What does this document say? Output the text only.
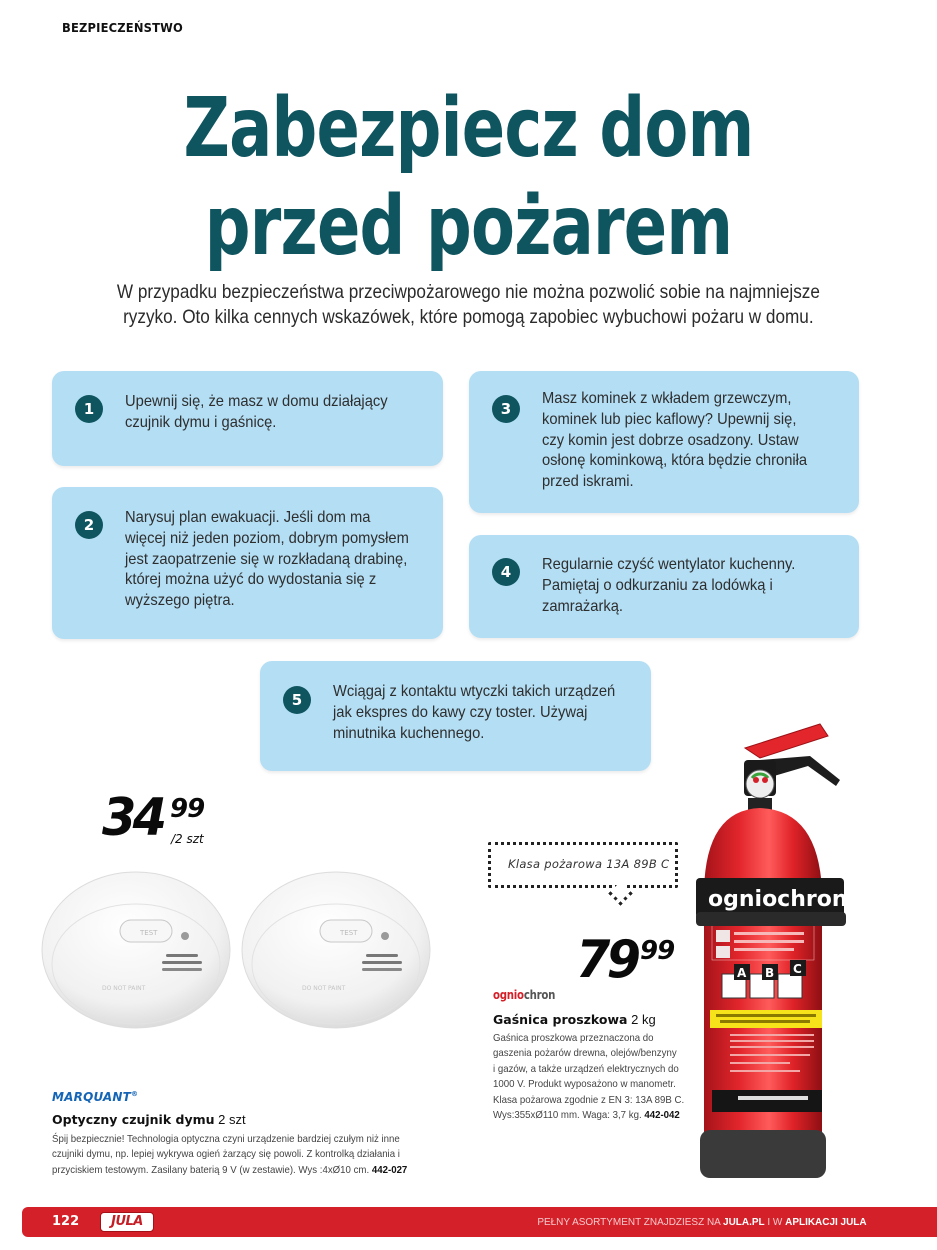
BEZPIECZEŃSTWO
Zabezpiecz dom
przed pożarem
W przypadku bezpieczeństwa przeciwpożarowego nie można pozwolić sobie na najmniejsze
ryzyko. Oto kilka cennych wskazówek, które pomogą zapobiec wybuchowi pożaru w domu.
1	Upewnij się, że masz w domu działający
czujnik dymu i gaśnicę.
2	Narysuj plan ewakuacji. Jeśli dom ma
więcej niż jeden poziom, dobrym pomysłem
jest zaopatrzenie się w rozkładaną drabinę,
której można użyć do wydostania się z
wyższego piętra.
3
Masz kominek z wkładem grzewczym,
kominek lub piec kaflowy? Upewnij się,
czy komin jest dobrze osadzony. Ustaw
osłonę kominkową, która będzie chroniła
przed iskrami.
4	Regularnie czyść wentylator kuchenny.
Pamiętaj o odkurzaniu za lodówką i
zamrażarką.
5	Wciągaj z kontaktu wtyczki takich urządzeń
jak ekspres do kawy czy toster. Używaj
minutnika kuchennego.
34 99
/2 szt
TEST
DO NOT PAINT
TEST
DO NOT PAINT
MARQUANT®
Optyczny czujnik dymu 2 szt
Śpij bezpiecznie! Technologia optyczna czyni urządzenie bardziej czułym niż inne
czujniki dymu, np. lepiej wykrywa ogień żarzący się powoli. Z kontrolką działania i
przyciskiem testowym. Zasilany baterią 9 V (w zestawie). Wys :4xØ10 cm. 442-027
Klasa pożarowa 13A 89B C
79 99
ogniochron
Gaśnica proszkowa 2 kg
Gaśnica proszkowa przeznaczona do
gaszenia pożarów drewna, olejów/benzyny
i gazów, a także urządzeń elektrycznych do
1000 V. Produkt wyposażono w manometr.
Klasa pożarowa zgodnie z EN 3: 13A 89B C.
Wys:355xØ110 mm. Waga: 3,7 kg. 442-042
ogniochron
A B C
122	JULA	PEŁNY ASORTYMENT ZNAJDZIESZ NA JULA.PL I W APLIKACJI JULA
